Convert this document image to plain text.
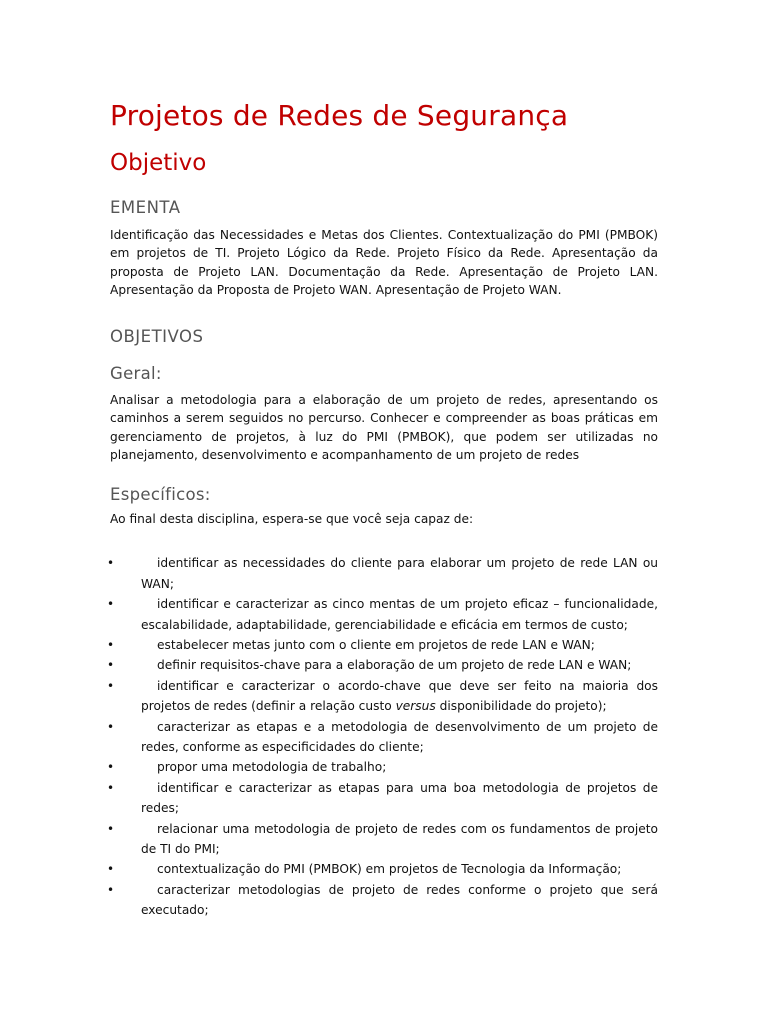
Projetos de Redes de Segurança
Objetivo
EMENTA

Identificação das Necessidades e Metas dos Clientes. Contextualização do PMI (PMBOK) em projetos de TI. Projeto Lógico da Rede. Projeto Físico da Rede. Apresentação da proposta de Projeto LAN. Documentação da Rede. Apresentação de Projeto LAN. Apresentação da Proposta de Projeto WAN. Apresentação de Projeto WAN.

OBJETIVOS
Geral:

Analisar a metodologia para a elaboração de um projeto de redes, apresentando os caminhos a serem seguidos no percurso. Conhecer e compreender as boas práticas em gerenciamento de projetos, à luz do PMI (PMBOK), que podem ser utilizadas no planejamento, desenvolvimento e acompanhamento de um projeto de redes

Específicos:

Ao final desta disciplina, espera-se que você seja capaz de:

•	identificar as necessidades do cliente para elaborar um projeto de rede LAN ou WAN;
•	identificar e caracterizar as cinco mentas de um projeto eficaz – funcionalidade, escalabilidade, adaptabilidade, gerenciabilidade e eficácia em termos de custo;
•	estabelecer metas junto com o cliente em projetos de rede LAN e WAN;
•	definir requisitos-chave para a elaboração de um projeto de rede LAN e WAN;
•	identificar e caracterizar o acordo-chave que deve ser feito na maioria dos projetos de redes (definir a relação custo versus disponibilidade do projeto);
•	caracterizar as etapas e a metodologia de desenvolvimento de um projeto de redes, conforme as especificidades do cliente;
•	propor uma metodologia de trabalho;
•	identificar e caracterizar as etapas para uma boa metodologia de projetos de redes;
•	relacionar uma metodologia de projeto de redes com os fundamentos de projeto de TI do PMI;
•	contextualização do PMI (PMBOK) em projetos de Tecnologia da Informação;
•	caracterizar metodologias de projeto de redes conforme o projeto que será executado;
